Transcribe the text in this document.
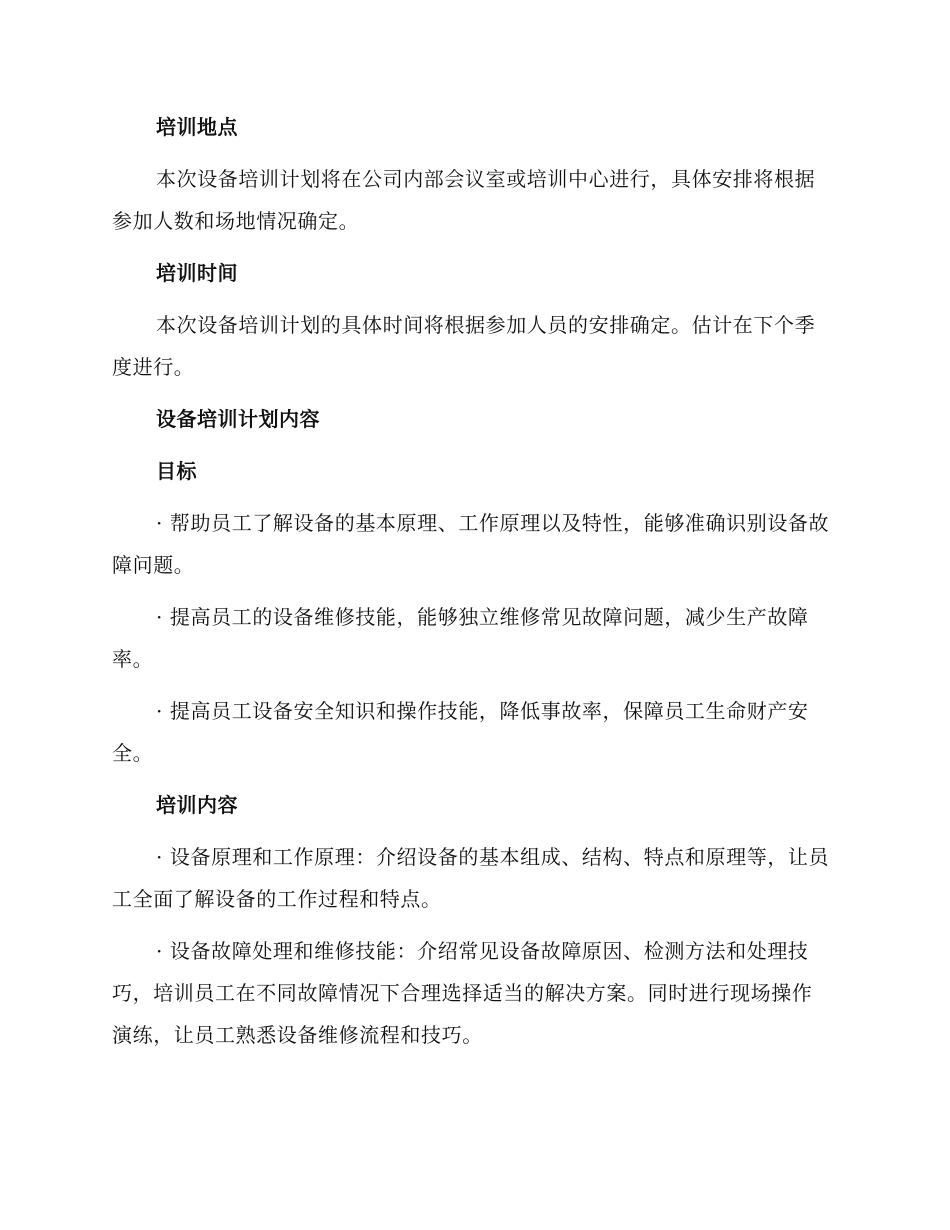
培训地点

本次设备培训计划将在公司内部会议室或培训中心进行，具体安排将根据参加人数和场地情况确定。

培训时间

本次设备培训计划的具体时间将根据参加人员的安排确定。估计在下个季度进行。

设备培训计划内容
目标

· 帮助员工了解设备的基本原理、工作原理以及特性，能够准确识别设备故障问题。

· 提高员工的设备维修技能，能够独立维修常见故障问题，减少生产故障率。

· 提高员工设备安全知识和操作技能，降低事故率，保障员工生命财产安全。

培训内容

· 设备原理和工作原理：介绍设备的基本组成、结构、特点和原理等，让员工全面了解设备的工作过程和特点。

· 设备故障处理和维修技能：介绍常见设备故障原因、检测方法和处理技巧，培训员工在不同故障情况下合理选择适当的解决方案。同时进行现场操作演练，让员工熟悉设备维修流程和技巧。
